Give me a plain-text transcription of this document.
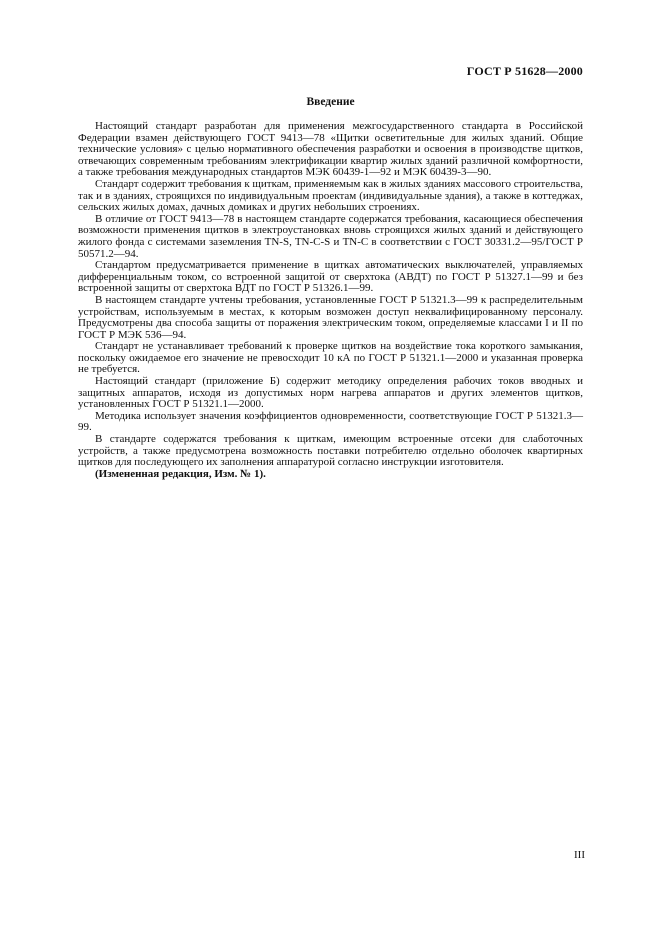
ГОСТ Р 51628—2000

Введение

Настоящий стандарт разработан для применения межгосударственного стандарта в Российской Федерации взамен действующего ГОСТ 9413—78 «Щитки осветительные для жилых зданий. Общие технические условия» с целью нормативного обеспечения разработки и освоения в производстве щитков, отвечающих современным требованиям электрификации квартир жилых зданий различной комфортности, а также требования международных стандартов МЭК 60439-1—92 и МЭК 60439-3—90.

Стандарт содержит требования к щиткам, применяемым как в жилых зданиях массового строительства, так и в зданиях, строящихся по индивидуальным проектам (индивидуальные здания), а также в коттеджах, сельских жилых домах, дачных домиках и других небольших строениях.

В отличие от ГОСТ 9413—78 в настоящем стандарте содержатся требования, касающиеся обеспечения возможности применения щитков в электроустановках вновь строящихся жилых зданий и действующего жилого фонда с системами заземления TN-S, TN-C-S и TN-C в соответствии с ГОСТ 30331.2—95/ГОСТ Р 50571.2—94.

Стандартом предусматривается применение в щитках автоматических выключателей, управляемых дифференциальным током, со встроенной защитой от сверхтока (АВДТ) по ГОСТ Р 51327.1—99 и без встроенной защиты от сверхтока ВДТ по ГОСТ Р 51326.1—99.

В настоящем стандарте учтены требования, установленные ГОСТ Р 51321.3—99 к распределительным устройствам, используемым в местах, к которым возможен доступ неквалифицированному персоналу. Предусмотрены два способа защиты от поражения электрическим током, определяемые классами I и II по ГОСТ Р МЭК 536—94.

Стандарт не устанавливает требований к проверке щитков на воздействие тока короткого замыкания, поскольку ожидаемое его значение не превосходит 10 кА по ГОСТ Р 51321.1—2000 и указанная проверка не требуется.

Настоящий стандарт (приложение Б) содержит методику определения рабочих токов вводных и защитных аппаратов, исходя из допустимых норм нагрева аппаратов и других элементов щитков, установленных ГОСТ Р 51321.1—2000.

Методика использует значения коэффициентов одновременности, соответствующие ГОСТ Р 51321.3—99.

В стандарте содержатся требования к щиткам, имеющим встроенные отсеки для слаботочных устройств, а также предусмотрена возможность поставки потребителю отдельно оболочек квартирных щитков для последующего их заполнения аппаратурой согласно инструкции изготовителя.

(Измененная редакция, Изм. № 1).

III
